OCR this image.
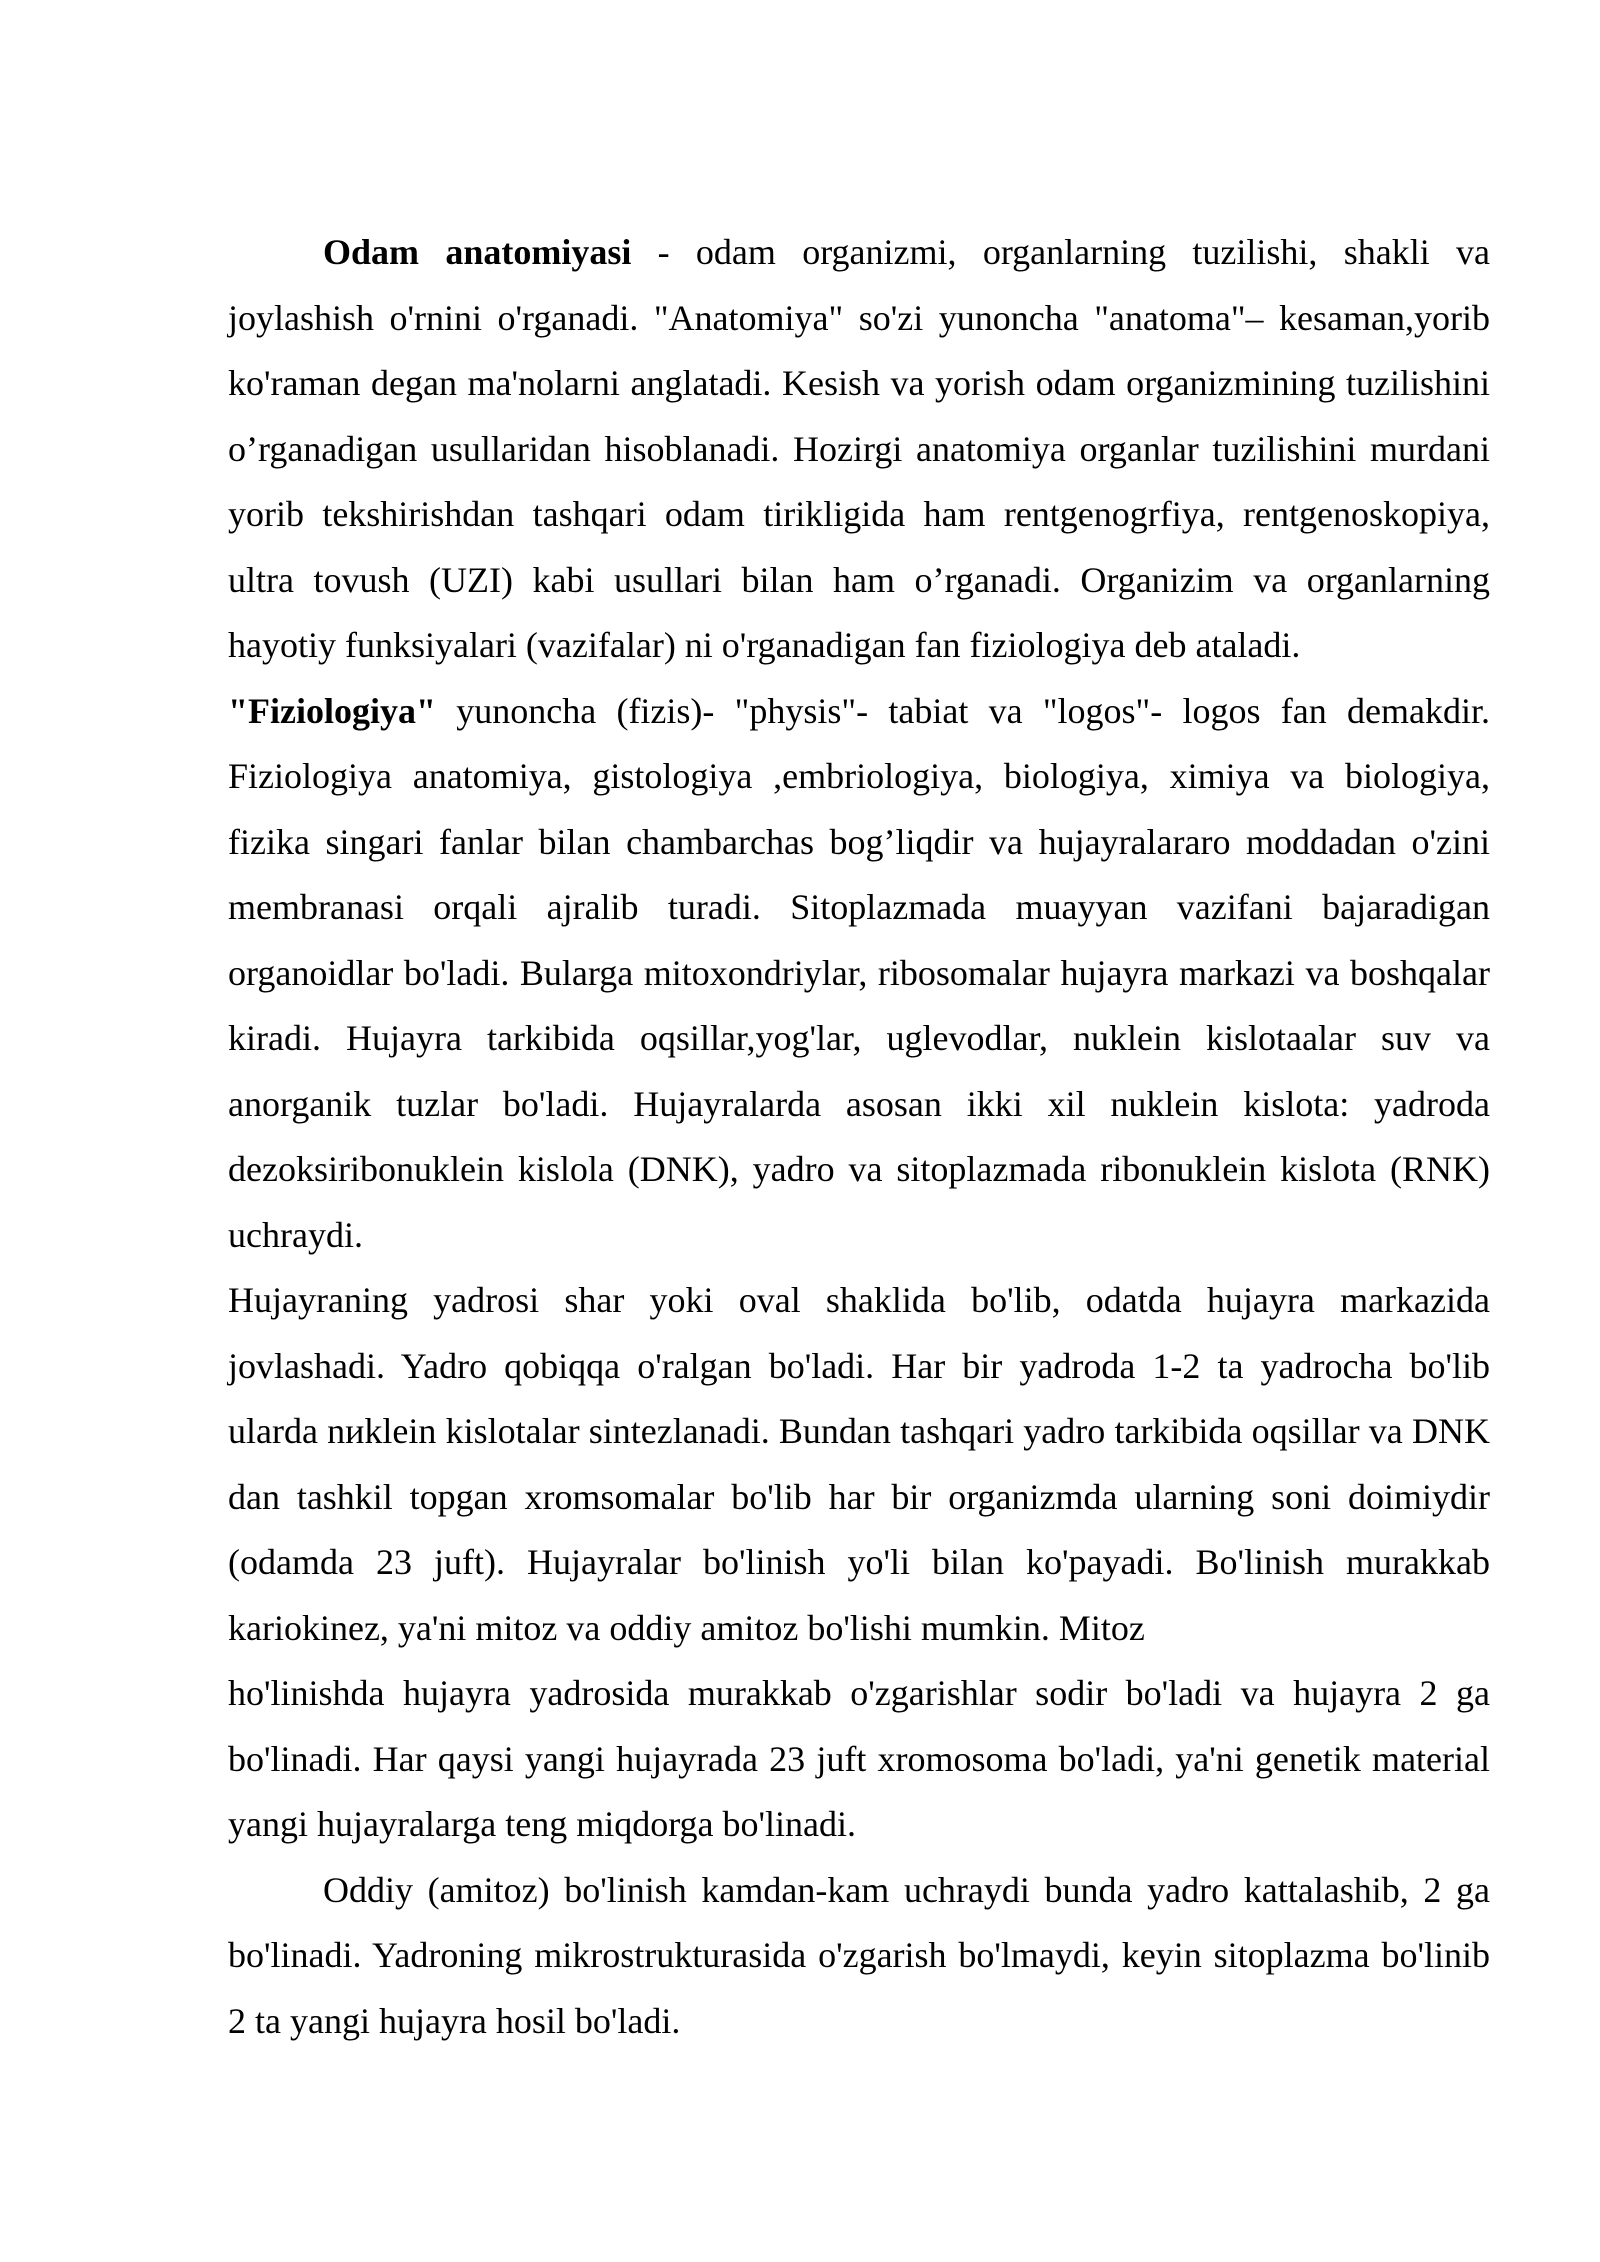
Odam anatomiyasi - odam organizmi, organlarning tuzilishi, shakli va joylashish o'rnini o'rganadi. "Anatomiya" so'zi yunoncha "anatoma"– kesaman,yorib ko'raman degan ma'nolarni anglatadi. Kesish va yorish odam organizmining tuzilishini o’rganadigan usullaridan hisoblanadi. Hozirgi anatomiya organlar tuzilishini murdani yorib tekshirishdan tashqari odam tirikligida ham rentgenogrfiya, rentgenoskopiya, ultra tovush (UZI) kabi usullari bilan ham o’rganadi. Organizim va organlarning hayotiy funksiyalari (vazifalar) ni o'rganadigan fan fiziologiya deb ataladi.

"Fiziologiya" yunoncha (fizis)- "physis"- tabiat va "logos"- logos fan demakdir. Fiziologiya anatomiya, gistologiya ,embriologiya, biologiya, ximiya va biologiya, fizika singari fanlar bilan chambarchas bog’liqdir va hujayralararo moddadan o'zini membranasi orqali ajralib turadi. Sitoplazmada muayyan vazifani bajaradigan organoidlar bo'ladi. Bularga mitoxondriylar, ribosomalar hujayra markazi va boshqalar kiradi. Hujayra tarkibida oqsillar,yog'lar, uglevodlar, nuklein kislotaalar suv va anorganik tuzlar bo'ladi. Hujayralarda asosan ikki xil nuklein kislota: yadroda dezoksiribonuklein kislola (DNK), yadro va sitoplazmada ribonuklein kislota (RNK) uchraydi.

Hujayraning yadrosi shar yoki oval shaklida bo'lib, odatda hujayra markazida jovlashadi. Yadro qobiqqa o'ralgan bo'ladi. Har bir yadroda 1-2 ta yadrocha bo'lib ularda nиklein kislotalar sintezlanadi. Bundan tashqari yadro tarkibida oqsillar va DNK dan tashkil topgan xromsomalar bo'lib har bir organizmda ularning soni doimiydir (odamda 23 juft). Hujayralar bo'linish yo'li bilan ko'payadi. Bo'linish murakkab kariokinez, ya'ni mitoz va oddiy amitoz bo'lishi mumkin. Mitoz

ho'linishda hujayra yadrosida murakkab o'zgarishlar sodir bo'ladi va hujayra 2 ga bo'linadi. Har qaysi yangi hujayrada 23 juft xromosoma bo'ladi, ya'ni genetik material yangi hujayralarga teng miqdorga bo'linadi.

Oddiy (amitoz) bo'linish kamdan-kam uchraydi bunda yadro kattalashib, 2 ga bo'linadi. Yadroning mikrostrukturasida o'zgarish bo'lmaydi, keyin sitoplazma bo'linib 2 ta yangi hujayra hosil bo'ladi.
